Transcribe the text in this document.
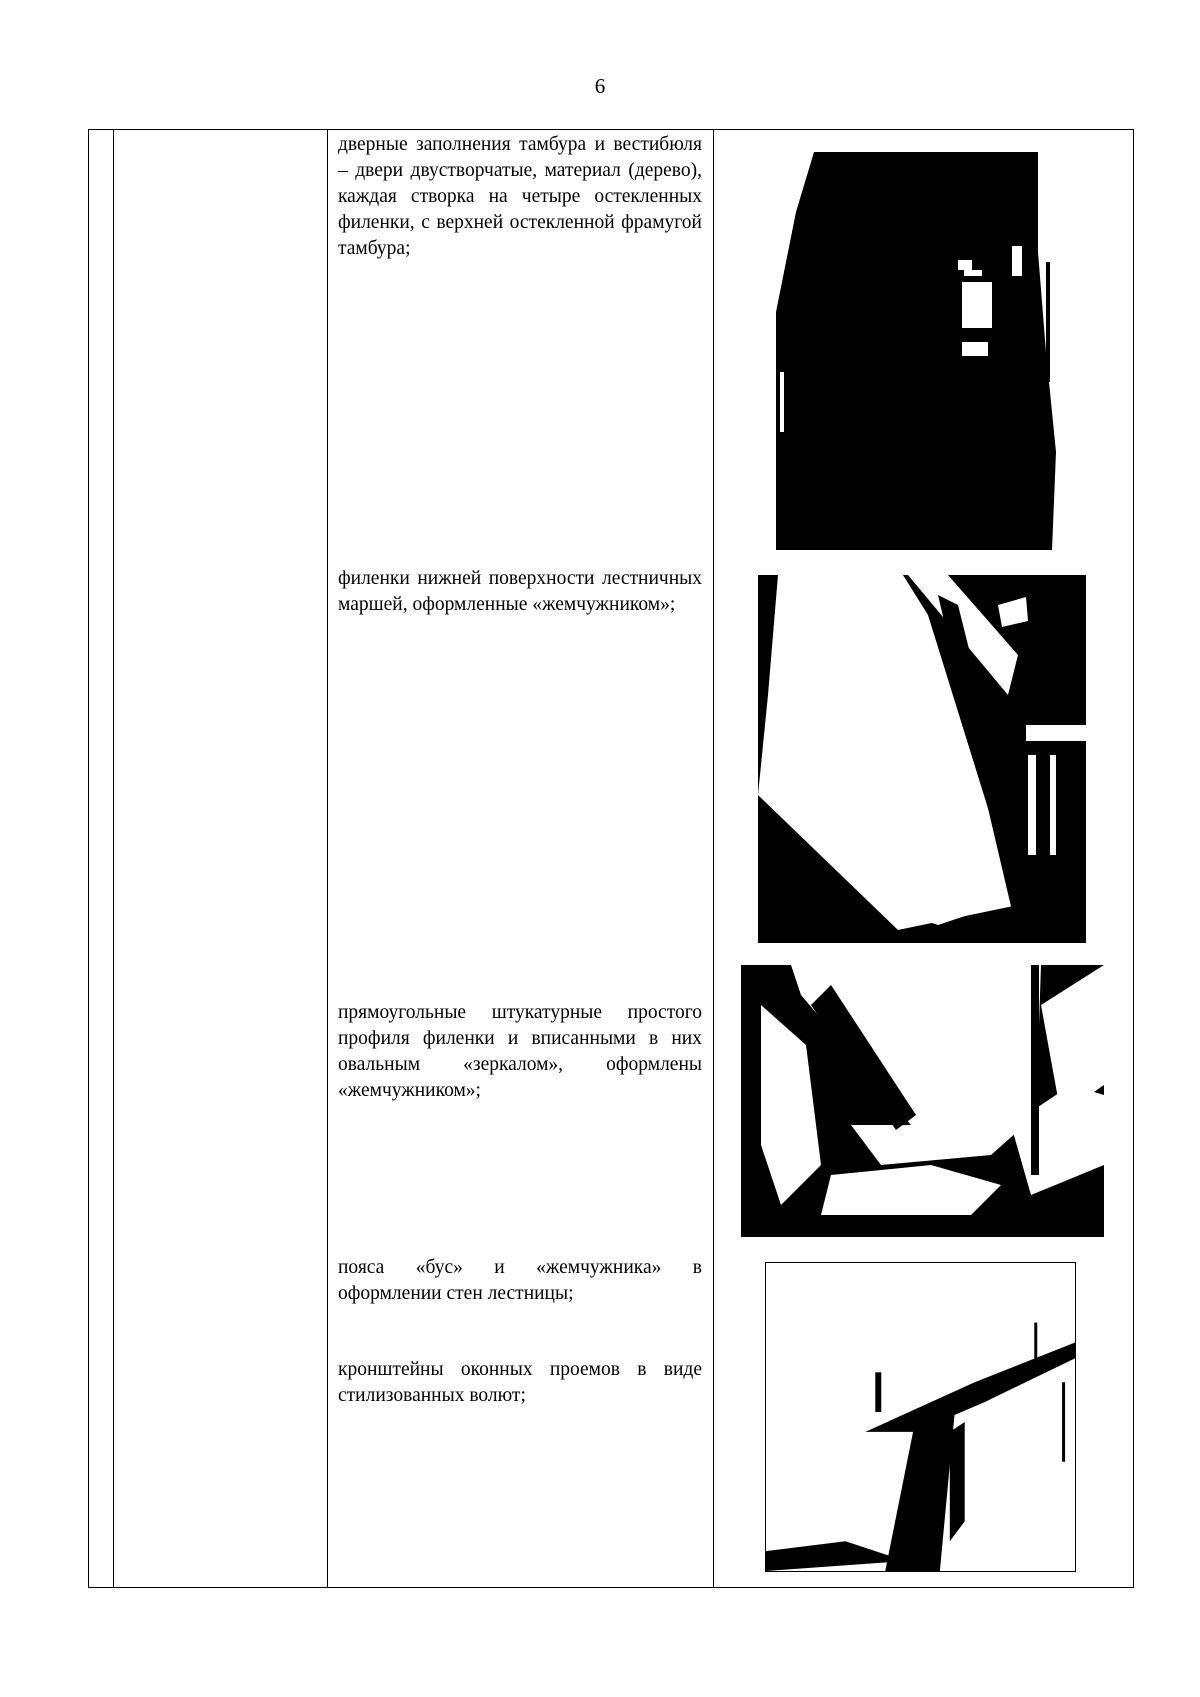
6
дверные заполнения тамбура и вестибюля – двери двустворчатые, материал (дерево), каждая створка на четыре остекленных филенки, с верхней остекленной фрамугой тамбура;
филенки нижней поверхности лестничных маршей, оформленные «жемчужником»;
прямоугольные штукатурные простого профиля филенки и вписанными в них овальным «зеркалом», оформлены «жемчужником»;
пояса «бус» и «жемчужника» в оформлении стен лестницы;
кронштейны оконных проемов в виде стилизованных волют;
